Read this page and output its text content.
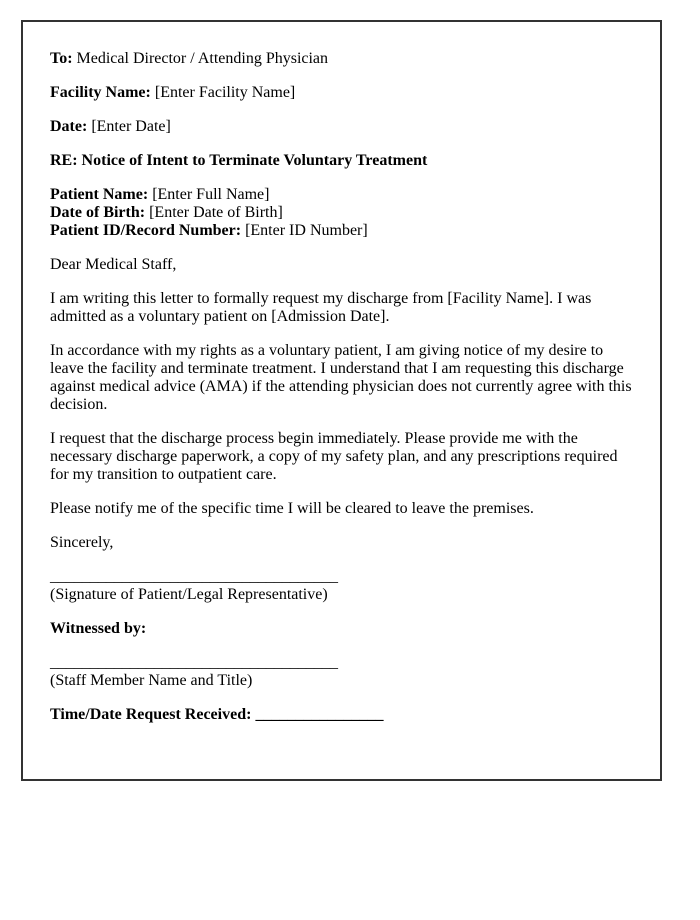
To: Medical Director / Attending Physician

Facility Name: [Enter Facility Name]

Date: [Enter Date]

RE: Notice of Intent to Terminate Voluntary Treatment

Patient Name: [Enter Full Name]
Date of Birth: [Enter Date of Birth]
Patient ID/Record Number: [Enter ID Number]

Dear Medical Staff,

I am writing this letter to formally request my discharge from [Facility Name]. I was admitted as a voluntary patient on [Admission Date].

In accordance with my rights as a voluntary patient, I am giving notice of my desire to leave the facility and terminate treatment. I understand that I am requesting this discharge against medical advice (AMA) if the attending physician does not currently agree with this decision.

I request that the discharge process begin immediately. Please provide me with the necessary discharge paperwork, a copy of my safety plan, and any prescriptions required for my transition to outpatient care.

Please notify me of the specific time I will be cleared to leave the premises.

Sincerely,

____________________________________
(Signature of Patient/Legal Representative)

Witnessed by:

____________________________________
(Staff Member Name and Title)

Time/Date Request Received: ________________
